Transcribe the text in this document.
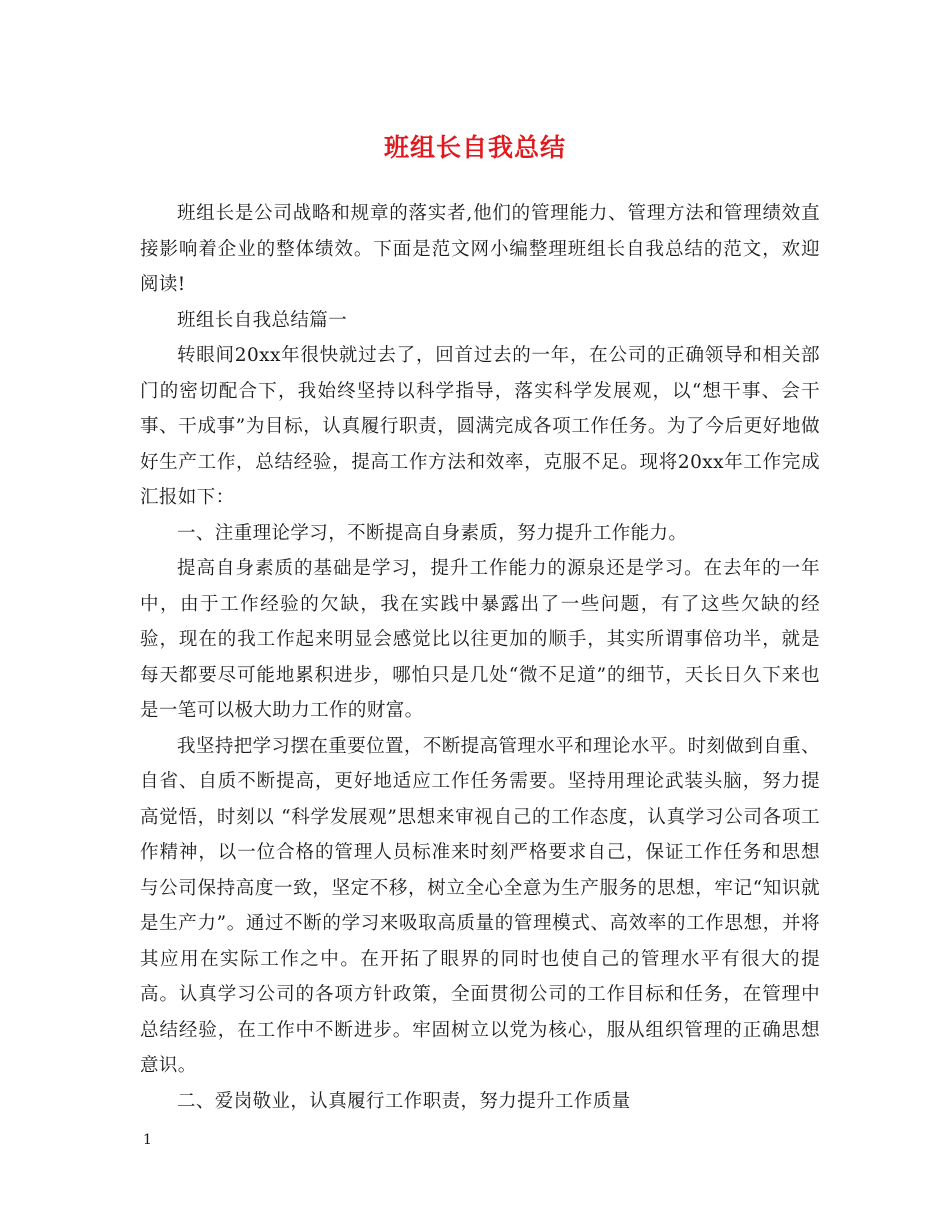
班组长自我总结

班组长是公司战略和规章的落实者,他们的管理能力、管理方法和管理绩效直接影响着企业的整体绩效。下面是范文网小编整理班组长自我总结的范文，欢迎阅读!

班组长自我总结篇一

转眼间20xx年很快就过去了，回首过去的一年，在公司的正确领导和相关部门的密切配合下，我始终坚持以科学指导，落实科学发展观，以“想干事、会干事、干成事”为目标，认真履行职责，圆满完成各项工作任务。为了今后更好地做好生产工作，总结经验，提高工作方法和效率，克服不足。现将20xx年工作完成汇报如下：

一、注重理论学习，不断提高自身素质，努力提升工作能力。

提高自身素质的基础是学习，提升工作能力的源泉还是学习。在去年的一年中，由于工作经验的欠缺，我在实践中暴露出了一些问题，有了这些欠缺的经验，现在的我工作起来明显会感觉比以往更加的顺手，其实所谓事倍功半，就是每天都要尽可能地累积进步，哪怕只是几处“微不足道”的细节，天长日久下来也是一笔可以极大助力工作的财富。

我坚持把学习摆在重要位置，不断提高管理水平和理论水平。时刻做到自重、自省、自质不断提高，更好地适应工作任务需要。坚持用理论武装头脑，努力提高觉悟，时刻以 “科学发展观”思想来审视自己的工作态度，认真学习公司各项工作精神，以一位合格的管理人员标准来时刻严格要求自己，保证工作任务和思想与公司保持高度一致，坚定不移，树立全心全意为生产服务的思想，牢记“知识就是生产力”。通过不断的学习来吸取高质量的管理模式、高效率的工作思想，并将其应用在实际工作之中。在开拓了眼界的同时也使自己的管理水平有很大的提高。认真学习公司的各项方针政策，全面贯彻公司的工作目标和任务，在管理中总结经验，在工作中不断进步。牢固树立以党为核心，服从组织管理的正确思想意识。

二、爱岗敬业，认真履行工作职责，努力提升工作质量

1
